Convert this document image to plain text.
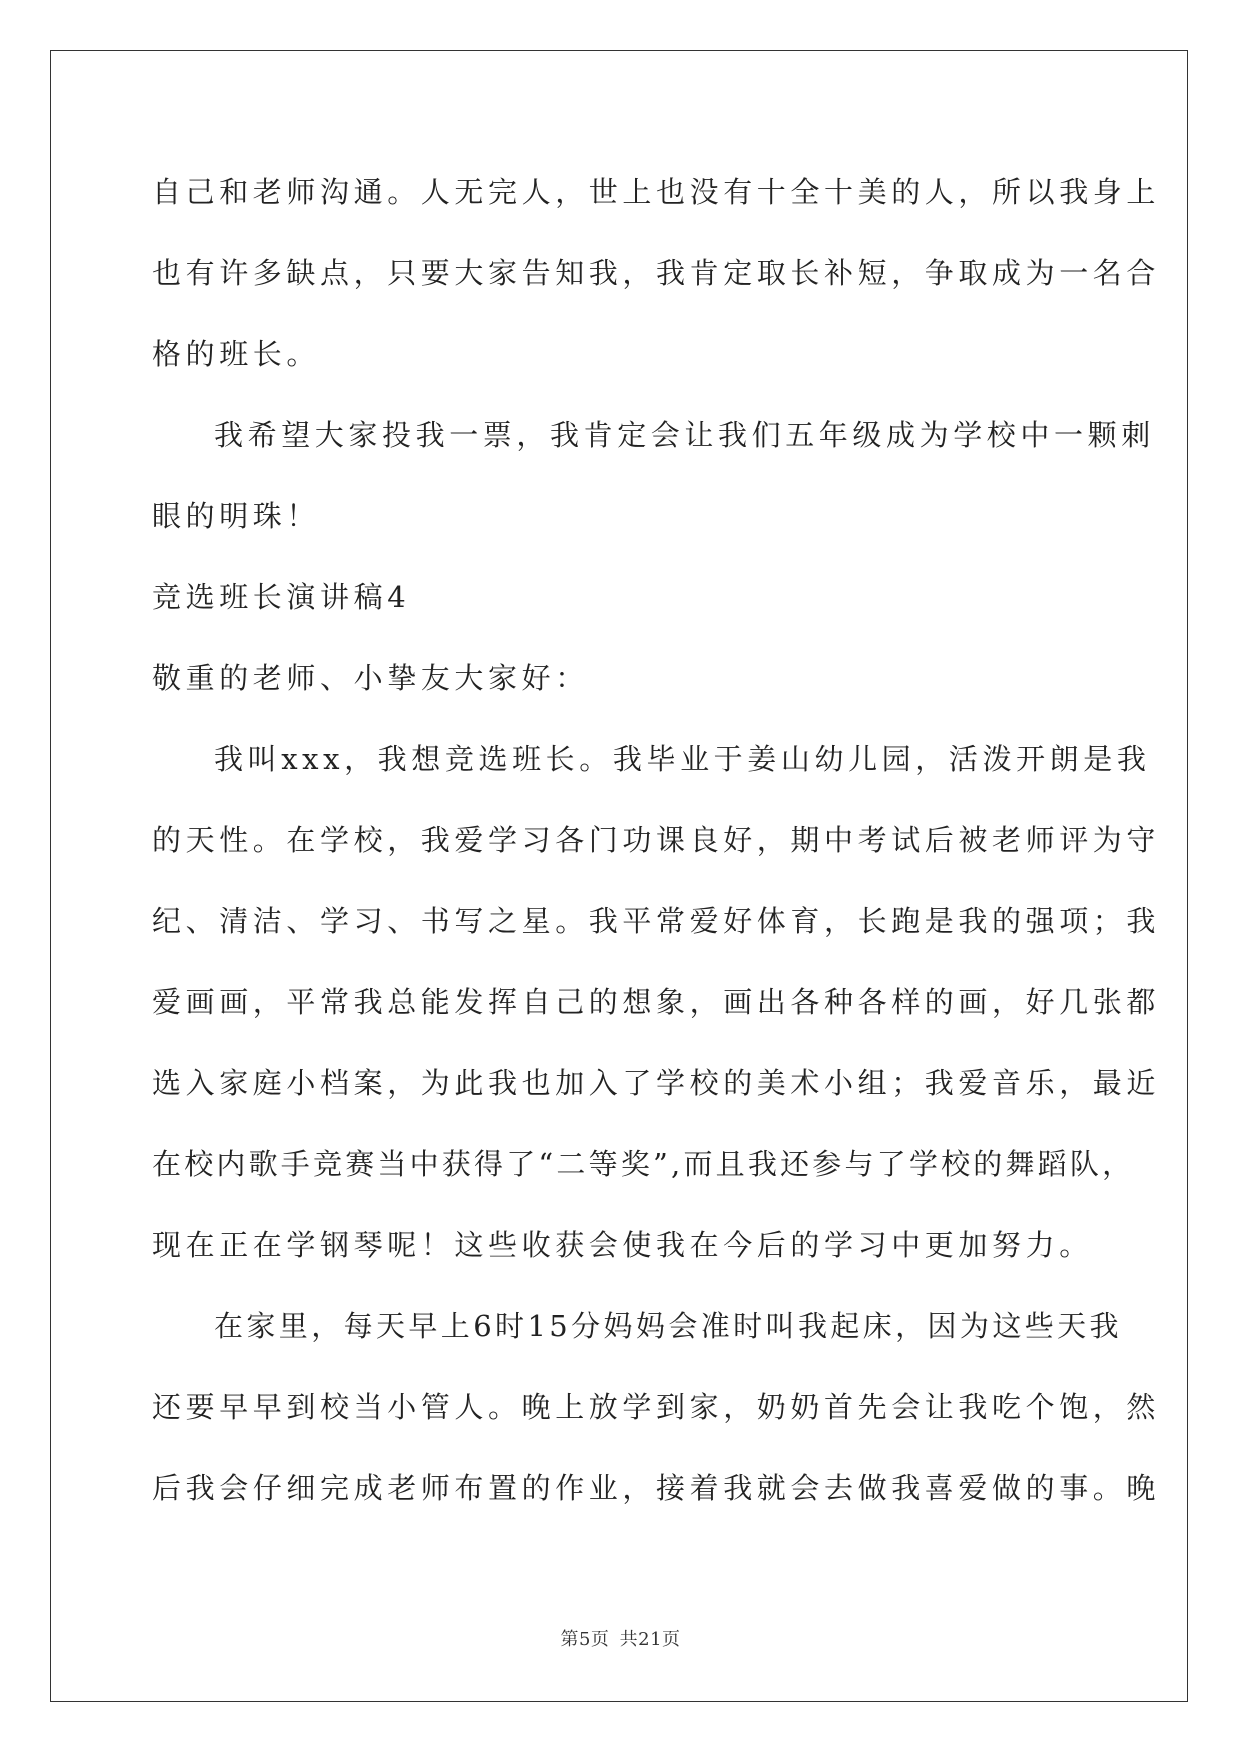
自己和老师沟通。人无完人，世上也没有十全十美的人，所以我身上
也有许多缺点，只要大家告知我，我肯定取长补短，争取成为一名合
格的班长。
我希望大家投我一票，我肯定会让我们五年级成为学校中一颗刺
眼的明珠！
竞选班长演讲稿4
敬重的老师、小挚友大家好：
我叫xxx，我想竞选班长。我毕业于姜山幼儿园，活泼开朗是我
的天性。在学校，我爱学习各门功课良好，期中考试后被老师评为守
纪、清洁、学习、书写之星。我平常爱好体育，长跑是我的强项；我
爱画画，平常我总能发挥自己的想象，画出各种各样的画，好几张都
选入家庭小档案，为此我也加入了学校的美术小组；我爱音乐，最近
在校内歌手竞赛当中获得了“二等奖”,而且我还参与了学校的舞蹈队，
现在正在学钢琴呢！这些收获会使我在今后的学习中更加努力。
在家里，每天早上6时15分妈妈会准时叫我起床，因为这些天我
还要早早到校当小管人。晚上放学到家，奶奶首先会让我吃个饱，然
后我会仔细完成老师布置的作业，接着我就会去做我喜爱做的事。晚
第5页 共21页
